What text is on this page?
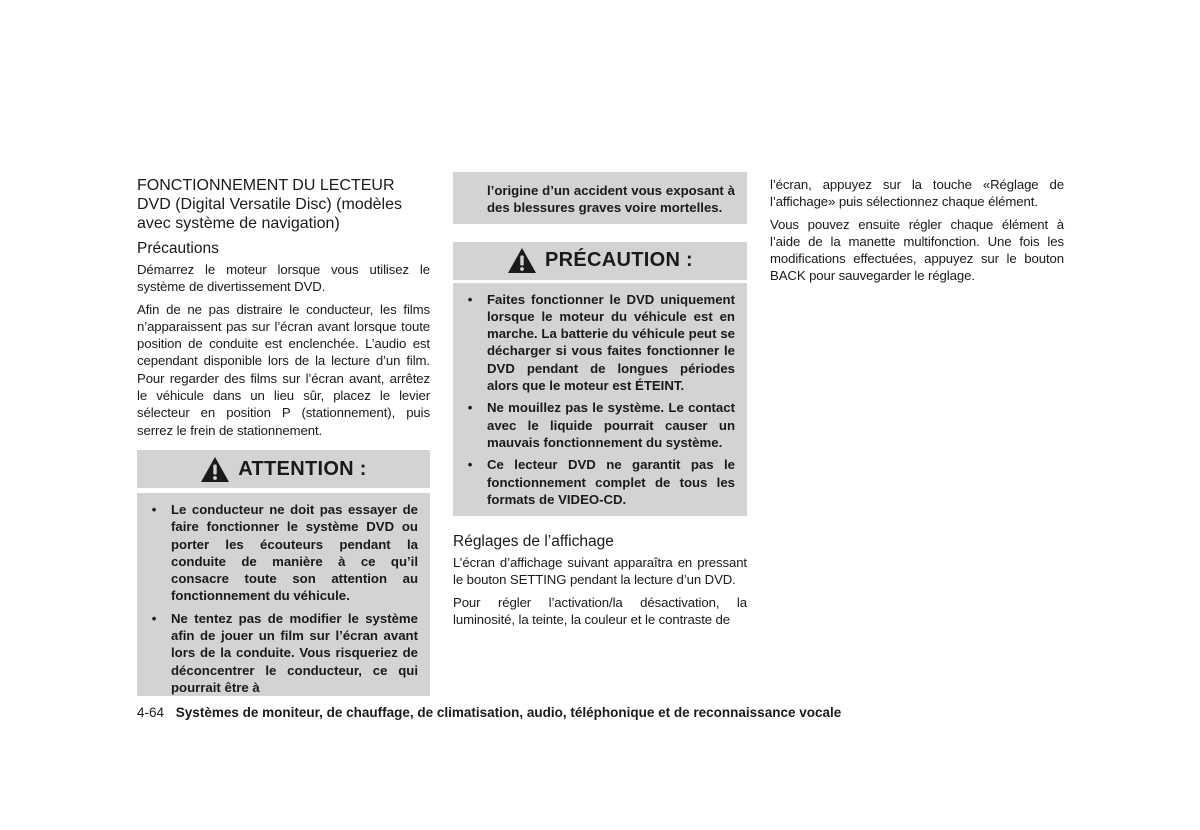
FONCTIONNEMENT DU LECTEUR DVD (Digital Versatile Disc) (modèles avec système de navigation)
Précautions

Démarrez le moteur lorsque vous utilisez le système de divertissement DVD.

Afin de ne pas distraire le conducteur, les films n’apparaissent pas sur l’écran avant lorsque toute position de conduite est enclenchée. L’audio est cependant disponible lors de la lecture d’un film. Pour regarder des films sur l’écran avant, arrêtez le véhicule dans un lieu sûr, placez le levier sélecteur en position P (stationnement), puis serrez le frein de stationnement.

ATTENTION :
• Le conducteur ne doit pas essayer de faire fonctionner le système DVD ou porter les écouteurs pendant la conduite de manière à ce qu’il consacre toute son attention au fonctionnement du véhicule.
• Ne tentez pas de modifier le système afin de jouer un film sur l’écran avant lors de la conduite. Vous risqueriez de déconcentrer le conducteur, ce qui pourrait être à
l’origine d’un accident vous exposant à des blessures graves voire mortelles.
PRÉCAUTION :
• Faites fonctionner le DVD uniquement lorsque le moteur du véhicule est en marche. La batterie du véhicule peut se décharger si vous faites fonctionner le DVD pendant de longues périodes alors que le moteur est ÉTEINT.
• Ne mouillez pas le système. Le contact avec le liquide pourrait causer un mauvais fonctionnement du système.
• Ce lecteur DVD ne garantit pas le fonctionnement complet de tous les formats de VIDEO-CD.
Réglages de l’affichage

L’écran d’affichage suivant apparaîtra en pressant le bouton SETTING pendant la lecture d’un DVD.

Pour régler l’activation/la désactivation, la luminosité, la teinte, la couleur et le contraste de

l’écran, appuyez sur la touche «Réglage de l’affichage» puis sélectionnez chaque élément.

Vous pouvez ensuite régler chaque élément à l’aide de la manette multifonction. Une fois les modifications effectuées, appuyez sur le bouton BACK pour sauvegarder le réglage.

4-64 Systèmes de moniteur, de chauffage, de climatisation, audio, téléphonique et de reconnaissance vocale
